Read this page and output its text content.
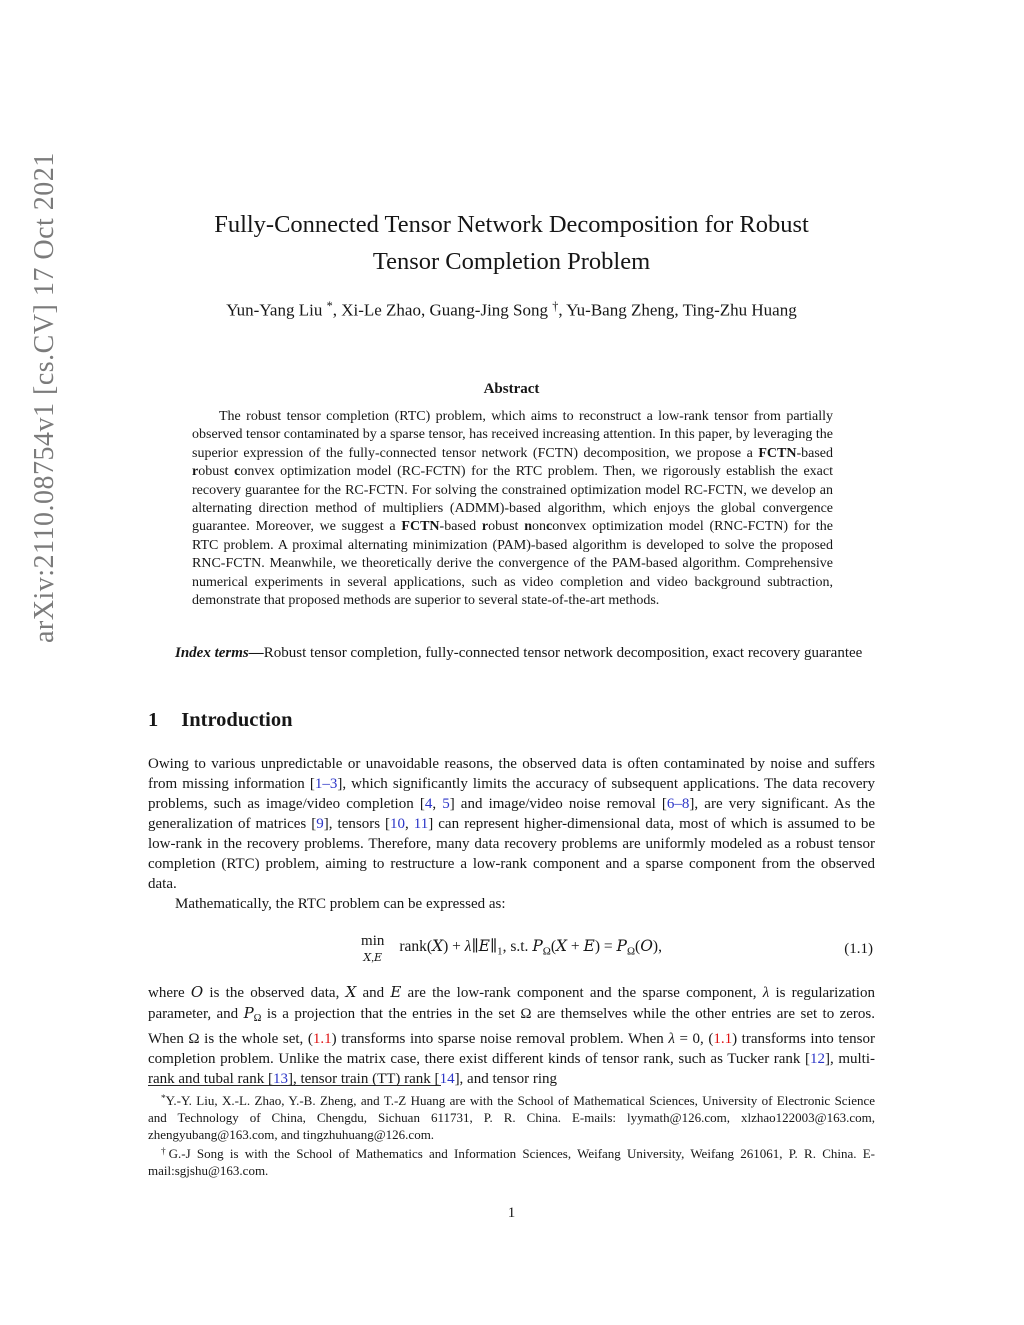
arXiv:2110.08754v1 [cs.CV] 17 Oct 2021	Fully-Connected Tensor Network Decomposition for Robust
Tensor Completion Problem
Yun-Yang Liu *, Xi-Le Zhao, Guang-Jing Song †, Yu-Bang Zheng, Ting-Zhu Huang
Abstract
The robust tensor completion (RTC) problem, which aims to reconstruct a low-rank tensor from partially observed tensor contaminated by a sparse tensor, has received increasing attention. In this paper, by leveraging the superior expression of the fully-connected tensor network (FCTN) decomposition, we propose a FCTN-based robust convex optimization model (RC-FCTN) for the RTC problem. Then, we rigorously establish the exact recovery guarantee for the RC-FCTN. For solving the constrained optimization model RC-FCTN, we develop an alternating direction method of multipliers (ADMM)-based algorithm, which enjoys the global convergence guarantee. Moreover, we suggest a FCTN-based robust nonconvex optimization model (RNC-FCTN) for the RTC problem. A proximal alternating minimization (PAM)-based algorithm is developed to solve the proposed RNC-FCTN. Meanwhile, we theoretically derive the convergence of the PAM-based algorithm. Comprehensive numerical experiments in several applications, such as video completion and video background subtraction, demonstrate that proposed methods are superior to several state-of-the-art methods.
Index terms—Robust tensor completion, fully-connected tensor network decomposition, exact recovery guarantee
1 Introduction

Owing to various unpredictable or unavoidable reasons, the observed data is often contaminated by noise and suffers from missing information [1–3], which significantly limits the accuracy of subsequent applications. The data recovery problems, such as image/video completion [4, 5] and image/video noise removal [6–8], are very significant. As the generalization of matrices [9], tensors [10, 11] can represent higher-dimensional data, most of which is assumed to be low-rank in the recovery problems. Therefore, many data recovery problems are uniformly modeled as a robust tensor completion (RTC) problem, aiming to restructure a low-rank component and a sparse component from the observed data.

Mathematically, the RTC problem can be expressed as:

min
X,E
rank(X) + $\lambda\parallel E\parallel_1$, s.t. $P_\Omega(X + E) = P_\Omega(O)$,	(1.1)

where O is the observed data, X and E are the low-rank component and the sparse component, λ is regularization parameter, and $P_\Omega$ is a projection that the entries in the set Ω are themselves while the other entries are set to zeros. When Ω is the whole set, (1.1) transforms into sparse noise removal problem. When λ = 0, (1.1) transforms into tensor completion problem. Unlike the matrix case, there exist different kinds of tensor rank, such as Tucker rank [12], multi-rank and tubal rank [13], tensor train (TT) rank [14], and tensor ring

*Y.-Y. Liu, X.-L. Zhao, Y.-B. Zheng, and T.-Z Huang are with the School of Mathematical Sciences, University of Electronic Science and Technology of China, Chengdu, Sichuan 611731, P. R. China. E-mails: lyymath@126.com, xlzhao122003@163.com, zhengyubang@163.com, and tingzhuhuang@126.com.

†G.-J Song is with the School of Mathematics and Information Sciences, Weifang University, Weifang 261061, P. R. China. E-mail:sgjshu@163.com.

1
